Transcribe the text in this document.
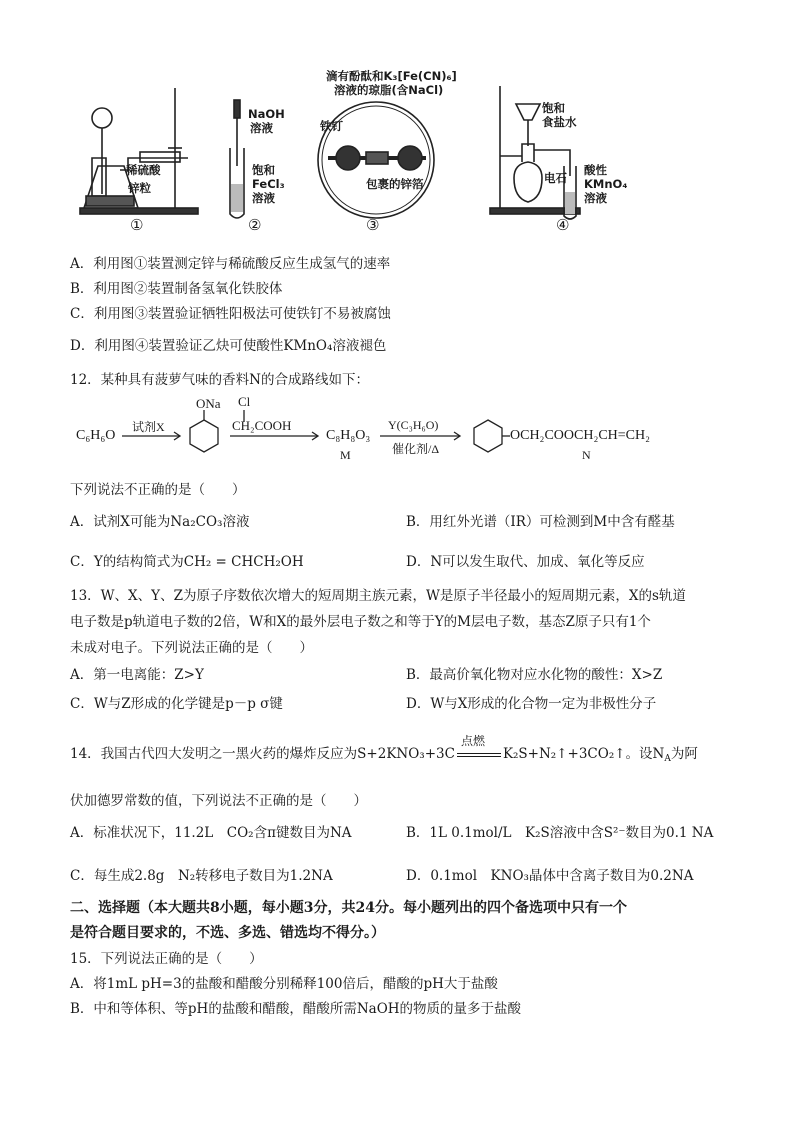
稀硫酸
锌粒
①
NaOH
溶液
饱和
FeCl₃
溶液
②
滴有酚酞和K₃[Fe(CN)₆]
溶液的琼脂(含NaCl)
铁钉
包裹的锌箔
③
饱和
食盐水
电石
酸性
KMnO₄
溶液
④
A．利用图①装置测定锌与稀硫酸反应生成氢气的速率
B．利用图②装置制备氢氧化铁胶体
C．利用图③装置验证牺牲阳极法可使铁钉不易被腐蚀
D．利用图④装置验证乙炔可使酸性KMnO₄溶液褪色
12．某种具有菠萝气味的香料N的合成路线如下：
C₆H₆O
试剂X
ONa Cl
CH₂COOH
C₈H₈O₃
M
Y(C₃H₆O)
催化剂/Δ
OCH₂COOCH₂CH=CH₂
N
下列说法不正确的是（　　）
A．试剂X可能为Na₂CO₃溶液	B．用红外光谱（IR）可检测到M中含有醛基
C．Y的结构简式为CH₂ = CHCH₂OH	D．N可以发生取代、加成、氧化等反应
13．W、X、Y、Z为原子序数依次增大的短周期主族元素，W是原子半径最小的短周期元素，X的s轨道
电子数是p轨道电子数的2倍，W和X的最外层电子数之和等于Y的M层电子数，基态Z原子只有1个
未成对电子。下列说法正确的是（　　）
A．第一电离能：Z>Y	B．最高价氧化物对应水化物的酸性：X>Z
C．W与Z形成的化学键是p－p σ键	D．W与X形成的化合物一定为非极性分子
14．我国古代四大发明之一黑火药的爆炸反应为S+2KNO₃+3C
点燃
K₂S+N₂↑+3CO₂↑。设$N_A$为阿
伏加德罗常数的值，下列说法不正确的是（　　）
A．标准状况下，11.2L　CO₂含π键数目为NA	B．1L 0.1mol/L　K₂S溶液中含S²⁻数目为0.1 NA
C．每生成2.8g　N₂转移电子数目为1.2NA	D．0.1mol　KNO₃晶体中含离子数目为0.2NA
二、选择题（本大题共8小题，每小题3分，共24分。每小题列出的四个备选项中只有一个
是符合题目要求的，不选、多选、错选均不得分。）
15．下列说法正确的是（　　）
A．将1mL pH=3的盐酸和醋酸分别稀释100倍后，醋酸的pH大于盐酸
B．中和等体积、等pH的盐酸和醋酸，醋酸所需NaOH的物质的量多于盐酸
